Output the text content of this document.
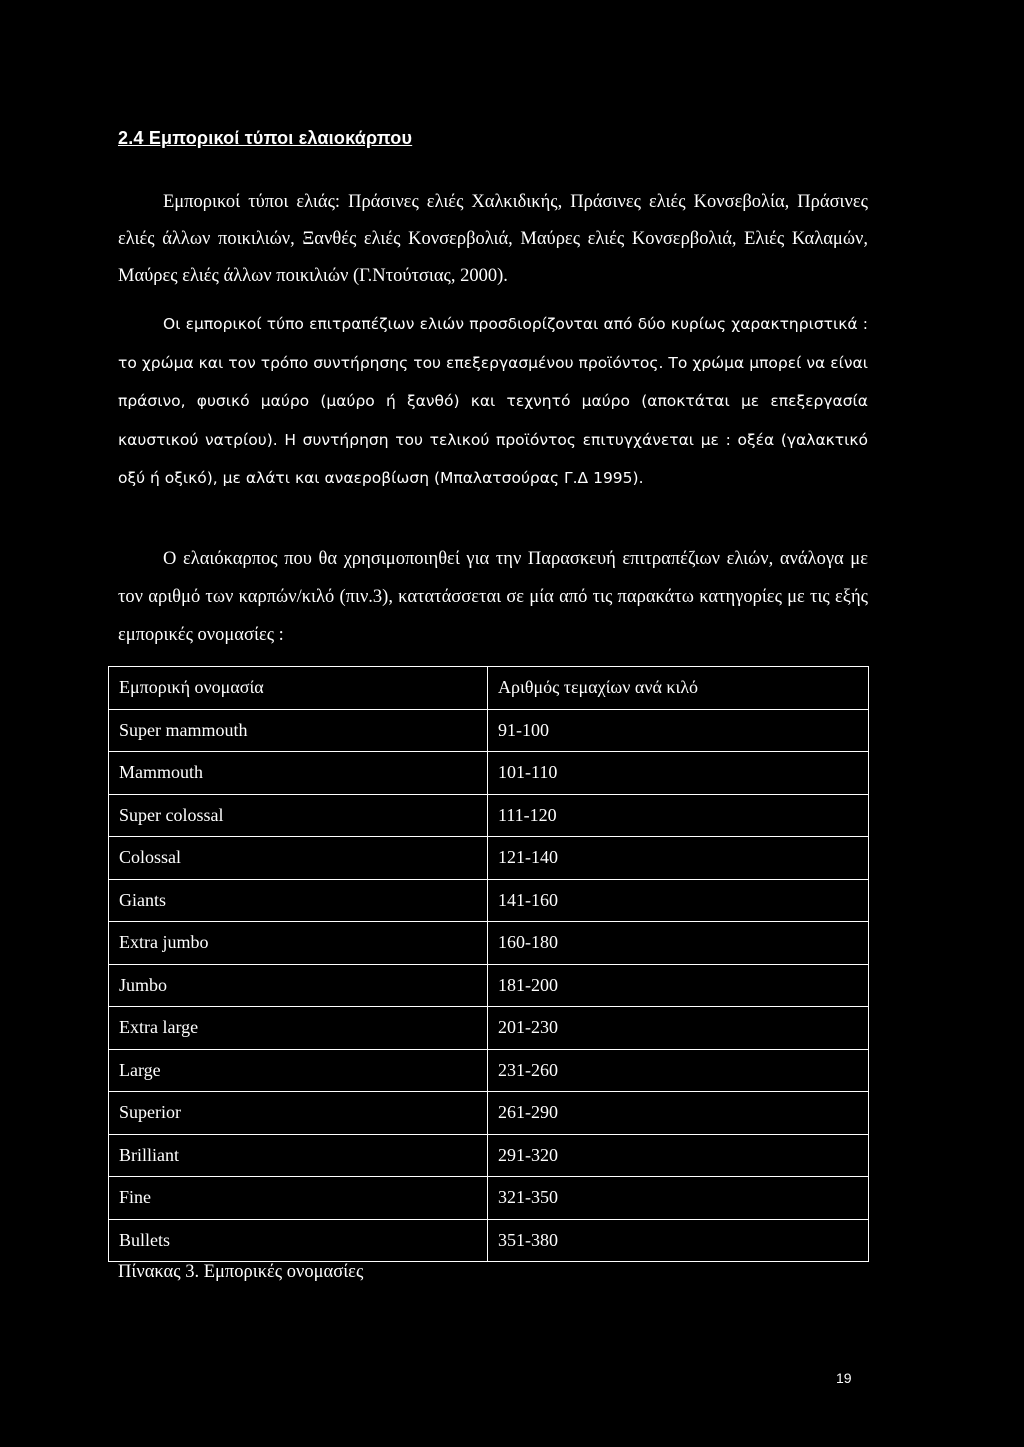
2.4 Εμπορικοί τύποι ελαιοκάρπου

Εμπορικοί τύποι ελιάς: Πράσινες ελιές Χαλκιδικής, Πράσινες ελιές Κονσεβολία, Πράσινες ελιές άλλων ποικιλιών, Ξανθές ελιές Κονσερβολιά, Μαύρες ελιές Κονσερβολιά, Ελιές Καλαμών, Μαύρες ελιές άλλων ποικιλιών (Γ.Ντούτσιας, 2000).

Οι εμπορικοί τύπο επιτραπέζιων ελιών προσδιορίζονται από δύο κυρίως χαρακτηριστικά : το χρώμα και τον τρόπο συντήρησης του επεξεργασμένου προϊόντος. Το χρώμα μπορεί να είναι πράσινο, φυσικό μαύρο (μαύρο ή ξανθό) και τεχνητό μαύρο (αποκτάται με επεξεργασία καυστικού νατρίου). Η συντήρηση του τελικού προϊόντος επιτυγχάνεται με : οξέα (γαλακτικό οξύ ή οξικό), με αλάτι και αναεροβίωση (Μπαλατσούρας Γ.Δ 1995).

Ο ελαιόκαρπος που θα χρησιμοποιηθεί για την Παρασκευή επιτραπέζιων ελιών, ανάλογα με τον αριθμό των καρπών/κιλό (πιν.3), κατατάσσεται σε μία από τις παρακάτω κατηγορίες με τις εξής εμπορικές ονομασίες :

Εμπορική ονομασία	Αριθμός τεμαχίων ανά κιλό
Super mammouth	91-100
Mammouth	101-110
Super colossal	111-120
Colossal	121-140
Giants	141-160
Extra jumbo	160-180
Jumbo	181-200
Extra large	201-230
Large	231-260
Superior	261-290
Brilliant	291-320
Fine	321-350
Bullets	351-380
Πίνακας 3. Εμπορικές ονομασίες
19
